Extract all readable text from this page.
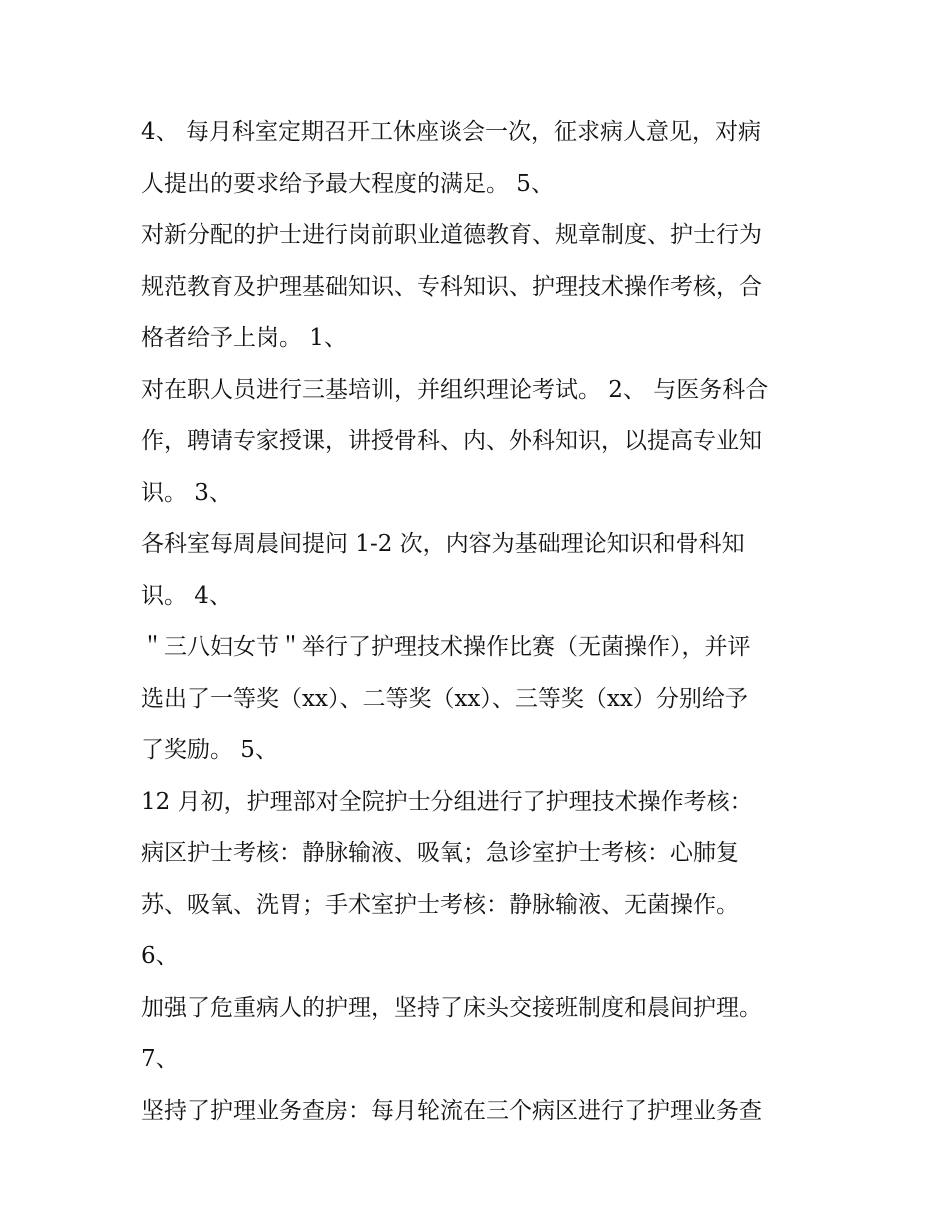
4、 每月科室定期召开工休座谈会一次，征求病人意见，对病
人提出的要求给予最大程度的满足。 5、
对新分配的护士进行岗前职业道德教育、规章制度、护士行为
规范教育及护理基础知识、专科知识、护理技术操作考核，合
格者给予上岗。 1、
对在职人员进行三基培训，并组织理论考试。 2、 与医务科合
作，聘请专家授课，讲授骨科、内、外科知识，以提高专业知
识。 3、
各科室每周晨间提问 1-2 次，内容为基础理论知识和骨科知
识。 4、
＂三八妇女节＂举行了护理技术操作比赛（无菌操作），并评
选出了一等奖（xx）、二等奖（xx）、三等奖（xx）分别给予
了奖励。 5、
12 月初，护理部对全院护士分组进行了护理技术操作考核：
病区护士考核：静脉输液、吸氧；急诊室护士考核：心肺复
苏、吸氧、洗胃；手术室护士考核：静脉输液、无菌操作。
6、
加强了危重病人的护理，坚持了床头交接班制度和晨间护理。
7、
坚持了护理业务查房：每月轮流在三个病区进行了护理业务查
